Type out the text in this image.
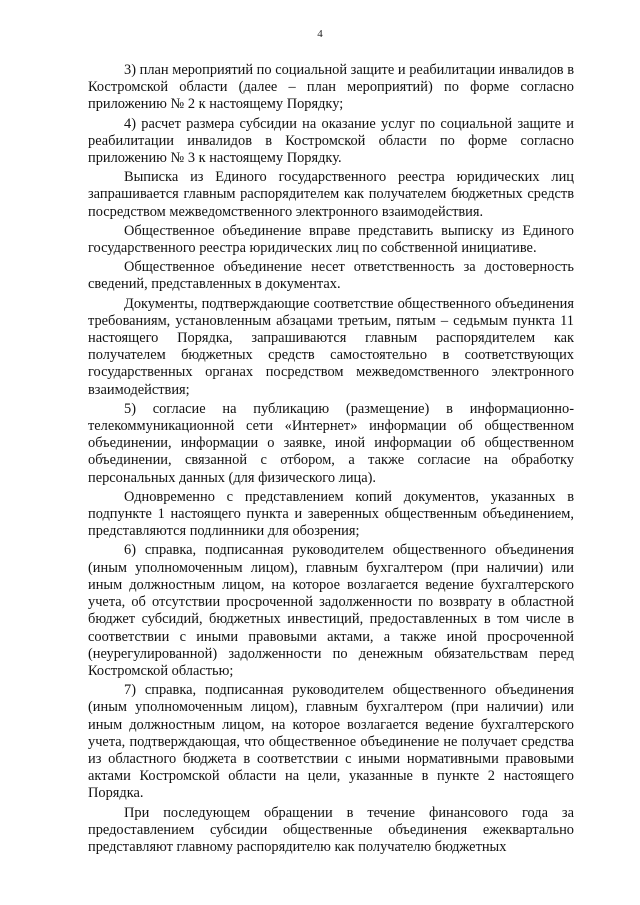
4

3) план мероприятий по социальной защите и реабилитации инвалидов в Костромской области (далее – план мероприятий) по форме согласно приложению № 2 к настоящему Порядку;

4) расчет размера субсидии на оказание услуг по социальной защите и реабилитации инвалидов в Костромской области по форме согласно приложению № 3 к настоящему Порядку.

Выписка из Единого государственного реестра юридических лиц запрашивается главным распорядителем как получателем бюджетных средств посредством межведомственного электронного взаимодействия.

Общественное объединение вправе представить выписку из Единого государственного реестра юридических лиц по собственной инициативе.

Общественное объединение несет ответственность за достоверность сведений, представленных в документах.

Документы, подтверждающие соответствие общественного объединения требованиям, установленным абзацами третьим, пятым – седьмым пункта 11 настоящего Порядка, запрашиваются главным распорядителем как получателем бюджетных средств самостоятельно в соответствующих государственных органах посредством межведомственного электронного взаимодействия;

5) согласие на публикацию (размещение) в информационно-телекоммуникационной сети «Интернет» информации об общественном объединении, информации о заявке, иной информации об общественном объединении, связанной с отбором, а также согласие на обработку персональных данных (для физического лица).

Одновременно с представлением копий документов, указанных в подпункте 1 настоящего пункта и заверенных общественным объединением, представляются подлинники для обозрения;

6) справка, подписанная руководителем общественного объединения (иным уполномоченным лицом), главным бухгалтером (при наличии) или иным должностным лицом, на которое возлагается ведение бухгалтерского учета, об отсутствии просроченной задолженности по возврату в областной бюджет субсидий, бюджетных инвестиций, предоставленных в том числе в соответствии с иными правовыми актами, а также иной просроченной (неурегулированной) задолженности по денежным обязательствам перед Костромской областью;

7) справка, подписанная руководителем общественного объединения (иным уполномоченным лицом), главным бухгалтером (при наличии) или иным должностным лицом, на которое возлагается ведение бухгалтерского учета, подтверждающая, что общественное объединение не получает средства из областного бюджета в соответствии с иными нормативными правовыми актами Костромской области на цели, указанные в пункте 2 настоящего Порядка.

При последующем обращении в течение финансового года за предоставлением субсидии общественные объединения ежеквартально представляют главному распорядителю как получателю бюджетных
